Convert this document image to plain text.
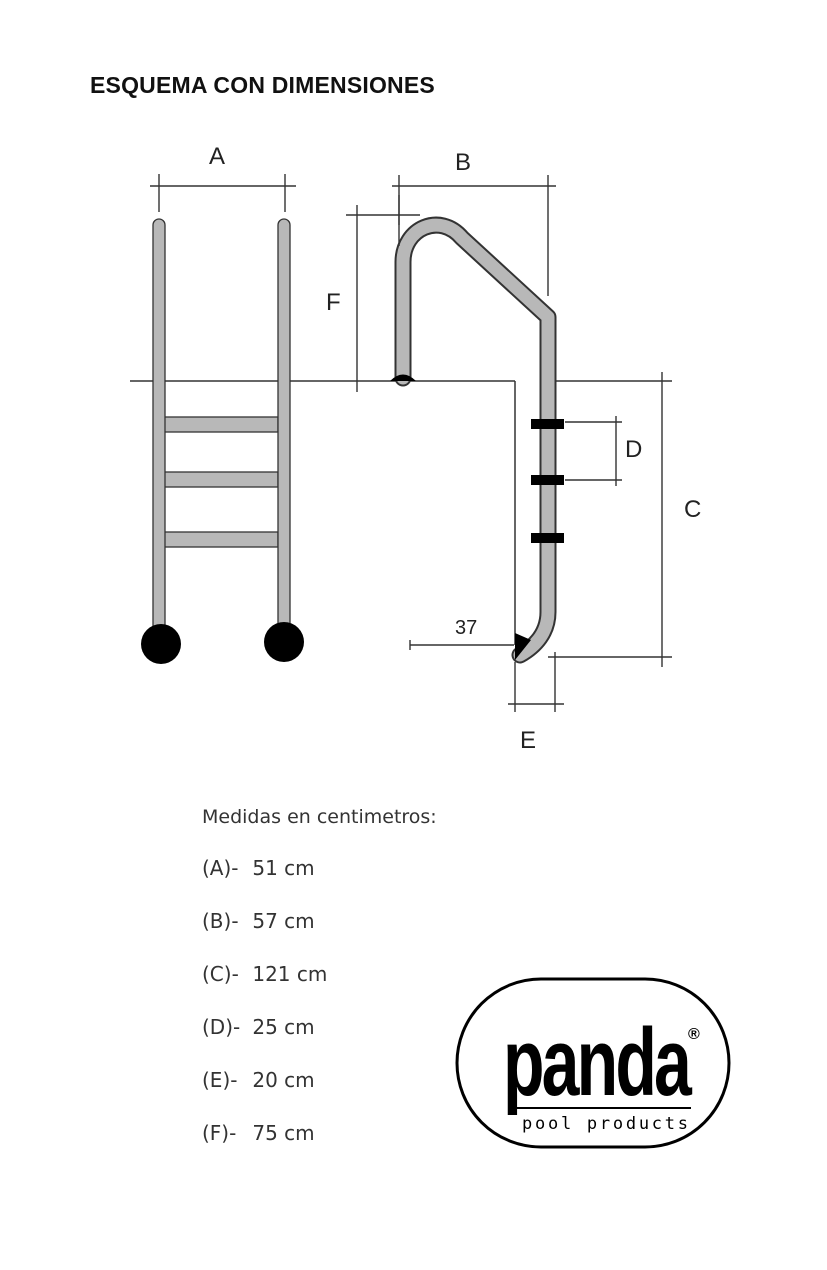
ESQUEMA CON DIMENSIONES
A	B
F
D
C
37
E
Medidas en centimetros:
(A)- 51 cm
(B)- 57 cm
(C)- 121 cm
(D)- 25 cm
(E)- 20 cm
(F)- 75 cm
panda
®
pool products
